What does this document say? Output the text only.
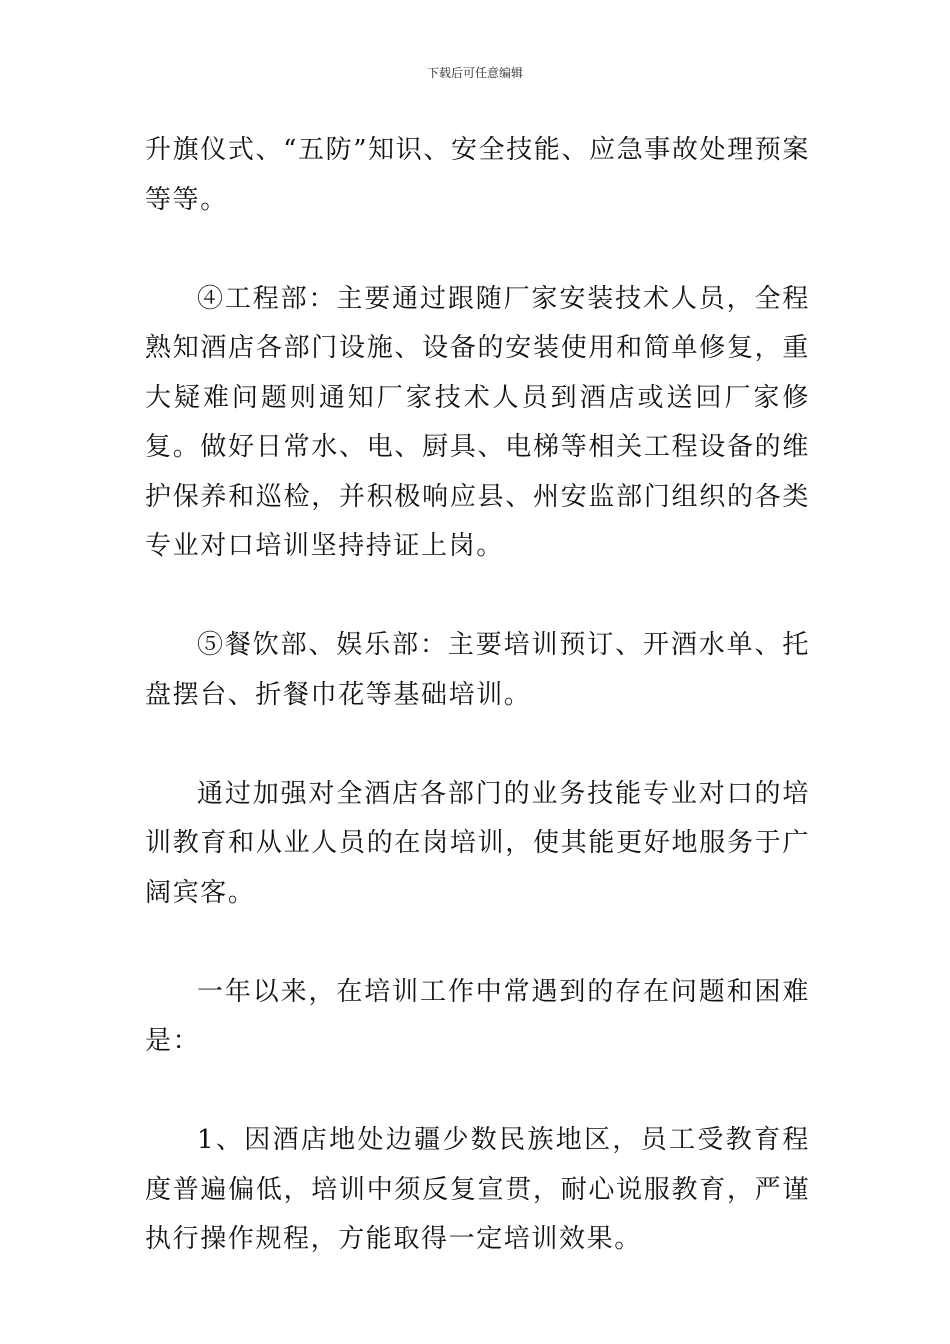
下载后可任意编辑

升旗仪式、“五防”知识、安全技能、应急事故处理预案等等。

④工程部：主要通过跟随厂家安装技术人员，全程熟知酒店各部门设施、设备的安装使用和简单修复，重大疑难问题则通知厂家技术人员到酒店或送回厂家修复。做好日常水、电、厨具、电梯等相关工程设备的维护保养和巡检，并积极响应县、州安监部门组织的各类专业对口培训坚持持证上岗。

⑤餐饮部、娱乐部：主要培训预订、开酒水单、托盘摆台、折餐巾花等基础培训。

通过加强对全酒店各部门的业务技能专业对口的培训教育和从业人员的在岗培训，使其能更好地服务于广阔宾客。

一年以来，在培训工作中常遇到的存在问题和困难是：

1、因酒店地处边疆少数民族地区，员工受教育程度普遍偏低，培训中须反复宣贯，耐心说服教育，严谨执行操作规程，方能取得一定培训效果。
